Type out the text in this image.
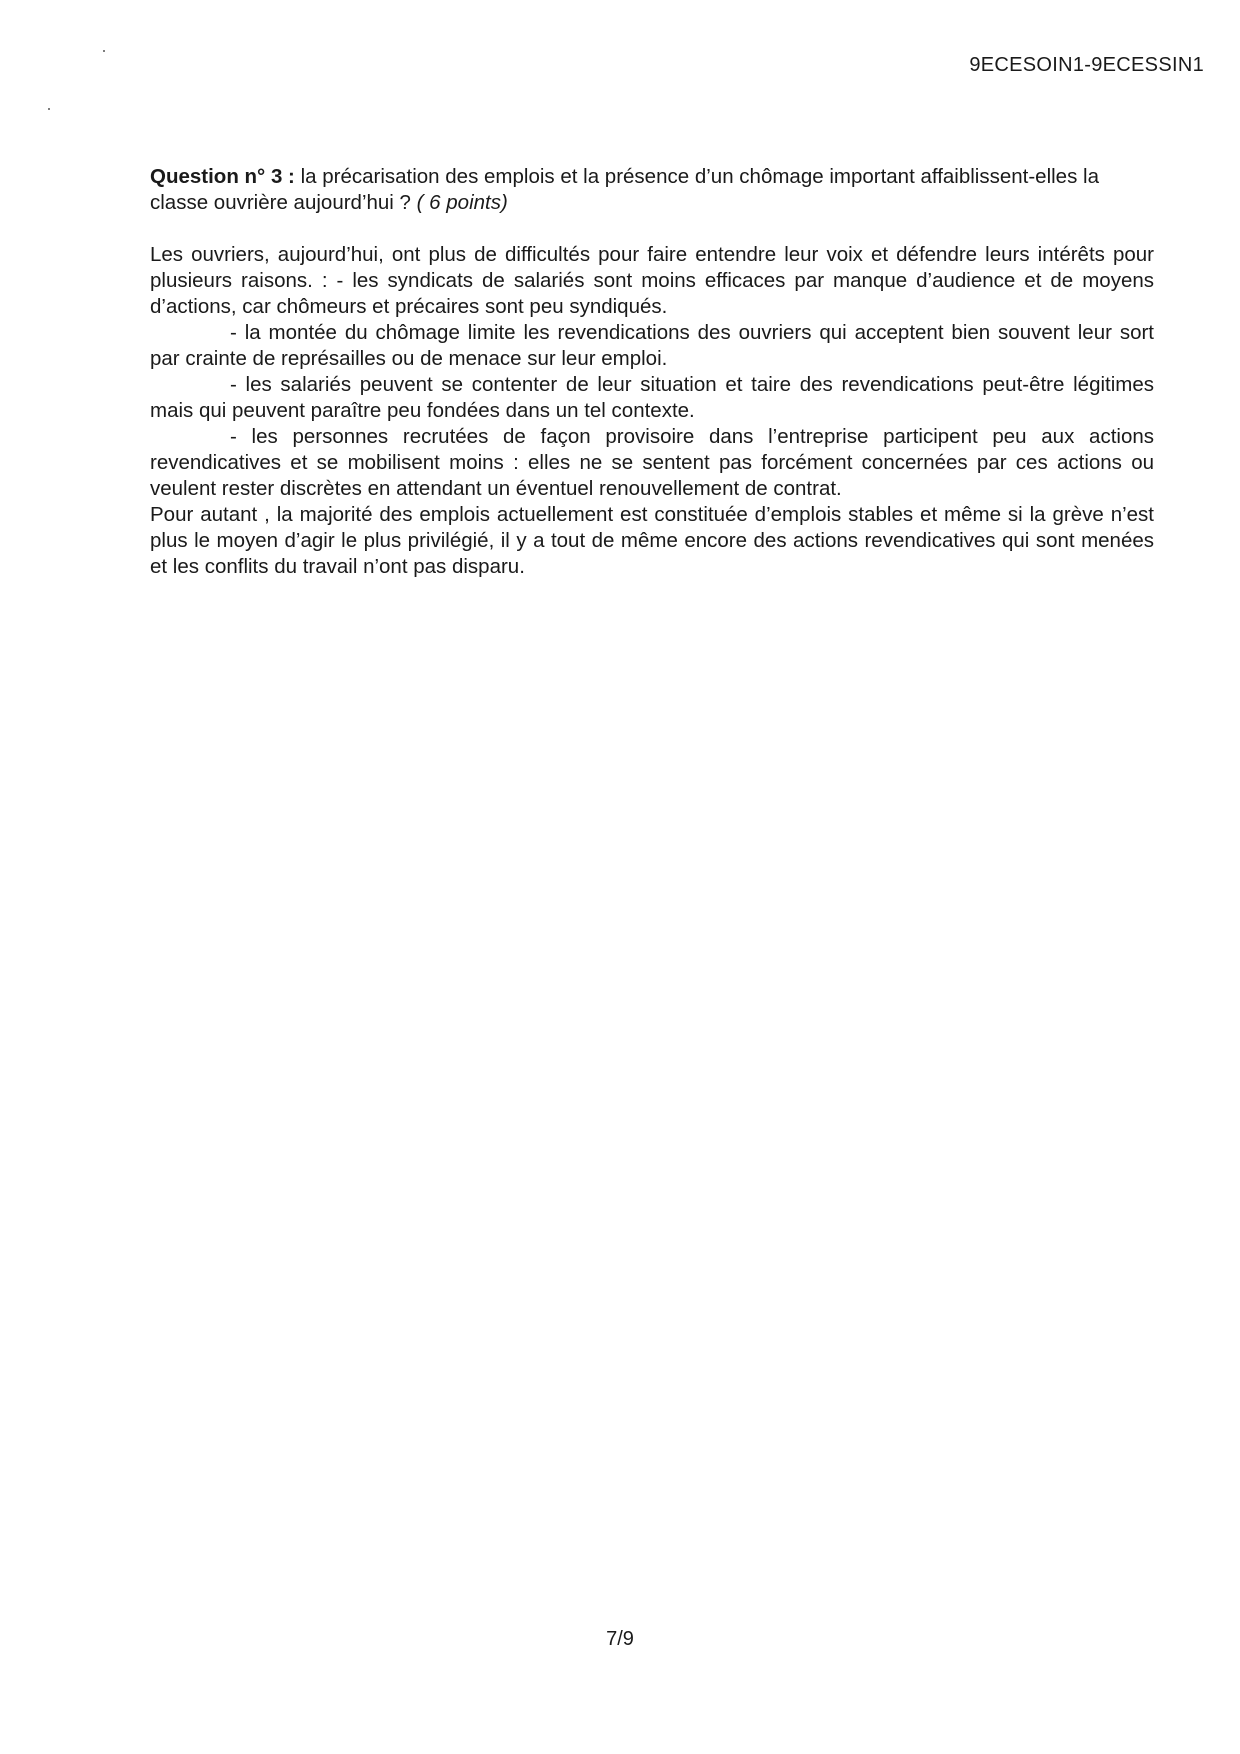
9ECESOIN1-9ECESSIN1

Question n° 3 : la précarisation des emplois et la présence d’un chômage important affaiblissent-elles la classe ouvrière aujourd’hui ? ( 6 points)

Les ouvriers, aujourd’hui, ont plus de difficultés pour faire entendre leur voix et défendre leurs intérêts pour plusieurs raisons. : - les syndicats de salariés sont moins efficaces par manque d’audience et de moyens d’actions, car chômeurs et précaires sont peu syndiqués.

- la montée du chômage limite les revendications des ouvriers qui acceptent bien souvent leur sort par crainte de représailles ou de menace sur leur emploi.

- les salariés peuvent se contenter de leur situation et taire des revendications peut-être légitimes mais qui peuvent paraître peu fondées dans un tel contexte.

- les personnes recrutées de façon provisoire dans l’entreprise participent peu aux actions revendicatives et se mobilisent moins : elles ne se sentent pas forcément concernées par ces actions ou veulent rester discrètes en attendant un éventuel renouvellement de contrat.

Pour autant , la majorité des emplois actuellement est constituée d’emplois stables et même si la grève n’est plus le moyen d’agir le plus privilégié, il y a tout de même encore des actions revendicatives qui sont menées et les conflits du travail n’ont pas disparu.

7/9
